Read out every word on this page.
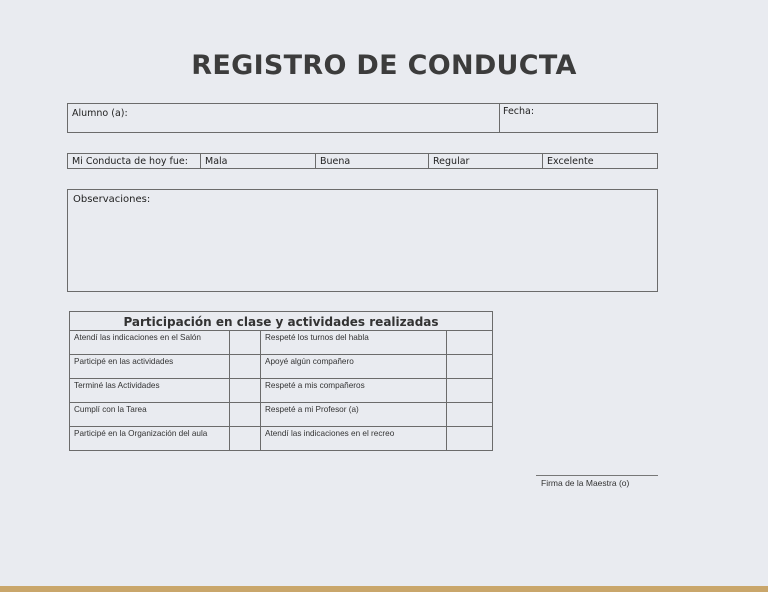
REGISTRO DE CONDUCTA
Alumno (a):	Fecha:
Mi Conducta de hoy fue:	Mala	Buena	Regular	Excelente
Observaciones:
Participación en clase y actividades realizadas			
Atendí las indicaciones en el Salón		Respeté los turnos del habla	
Participé en las actividades		Apoyé algún compañero	
Terminé las Actividades		Respeté a mis compañeros	
Cumplí con la Tarea		Respeté a mi Profesor (a)	
Participé en la Organización del aula		Atendí las indicaciones en el recreo	
Firma de la Maestra (o)
